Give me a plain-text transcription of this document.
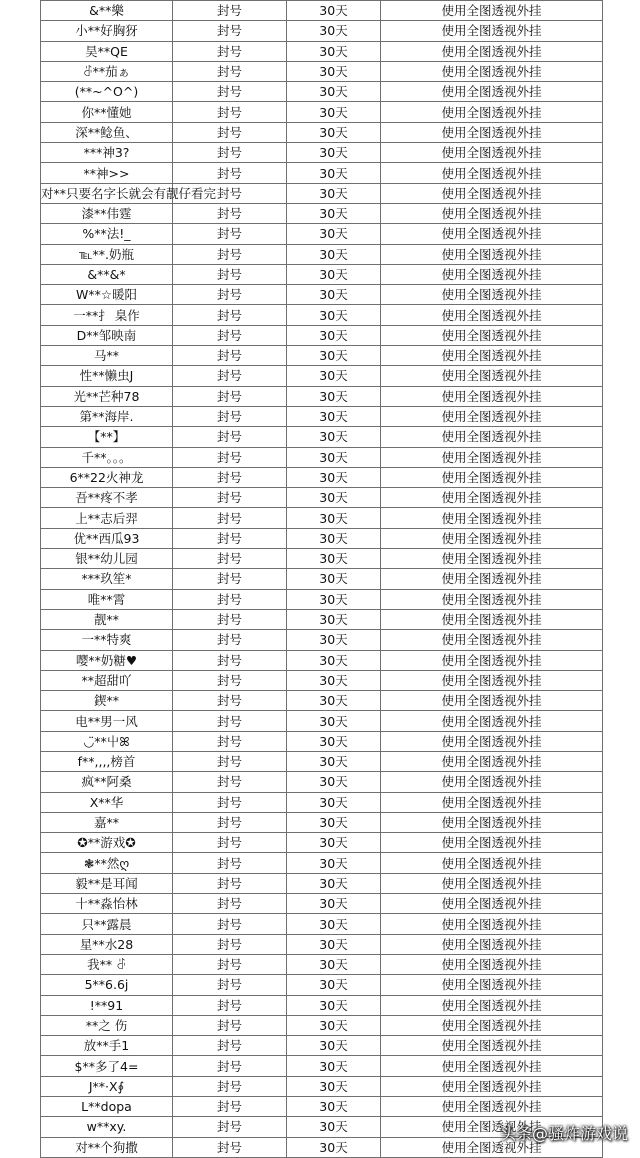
&**樂	封号	30天	使用全图透视外挂
小**好胸犽	封号	30天	使用全图透视外挂
昊**QE	封号	30天	使用全图透视外挂
ꁕ**茄ぁ	封号	30天	使用全图透视外挂
(**~^O^)	封号	30天	使用全图透视外挂
你**懂她	封号	30天	使用全图透视外挂
深**鲶鱼、	封号	30天	使用全图透视外挂
***神3?	封号	30天	使用全图透视外挂
**神>>	封号	30天	使用全图透视外挂
对**只要名字长就会有靓仔看完	封号	30天	使用全图透视外挂
漆**伟霆	封号	30天	使用全图透视外挂
%**法!_	封号	30天	使用全图透视外挂
℡**.奶瓶	封号	30天	使用全图透视外挂
&**&*	封号	30天	使用全图透视外挂
W**☆暖阳	封号	30天	使用全图透视外挂
一**扌 臬作	封号	30天	使用全图透视外挂
D**邹映南	封号	30天	使用全图透视外挂
马**	封号	30天	使用全图透视外挂
性**懒虫J	封号	30天	使用全图透视外挂
光**芒种78	封号	30天	使用全图透视外挂
第**海岸.	封号	30天	使用全图透视外挂
【**】	封号	30天	使用全图透视外挂
千**。。。	封号	30天	使用全图透视外挂
6**22火神龙	封号	30天	使用全图透视外挂
吾**疼不孝	封号	30天	使用全图透视外挂
上**志后羿	封号	30天	使用全图透视外挂
优**西瓜93	封号	30天	使用全图透视外挂
银**幼儿园	封号	30天	使用全图透视外挂
***玖笙*	封号	30天	使用全图透视外挂
唯**霄	封号	30天	使用全图透视外挂
靓**	封号	30天	使用全图透视外挂
一**特爽	封号	30天	使用全图透视外挂
嘤**奶糖♥	封号	30天	使用全图透视外挂
**超甜吖	封号	30天	使用全图透视外挂
鍥**	封号	30天	使用全图透视外挂
电**男一风	封号	30天	使用全图透视外挂
◡̈**屮ꕤ	封号	30天	使用全图透视外挂
f**,,,,榜首	封号	30天	使用全图透视外挂
疯**阿桑	封号	30天	使用全图透视外挂
X**华	封号	30天	使用全图透视外挂
嘉**	封号	30天	使用全图透视外挂
✪**游戏✪	封号	30天	使用全图透视外挂
❃**然ღ	封号	30天	使用全图透视外挂
毅**是耳闻	封号	30天	使用全图透视外挂
十**淼怡林	封号	30天	使用全图透视外挂
只**露晨	封号	30天	使用全图透视外挂
星**水28	封号	30天	使用全图透视外挂
我** ꁕ	封号	30天	使用全图透视外挂
5**6.6j	封号	30天	使用全图透视外挂
!**91	封号	30天	使用全图透视外挂
**之 伤	封号	30天	使用全图透视外挂
放**手1	封号	30天	使用全图透视外挂
$**多了4=	封号	30天	使用全图透视外挂
J**·X∮	封号	30天	使用全图透视外挂
L**dopa	封号	30天	使用全图透视外挂
w**xy.	封号	30天	使用全图透视外挂
对**个狗撒	封号	30天	使用全图透视外挂
头条@骚炸游戏说
